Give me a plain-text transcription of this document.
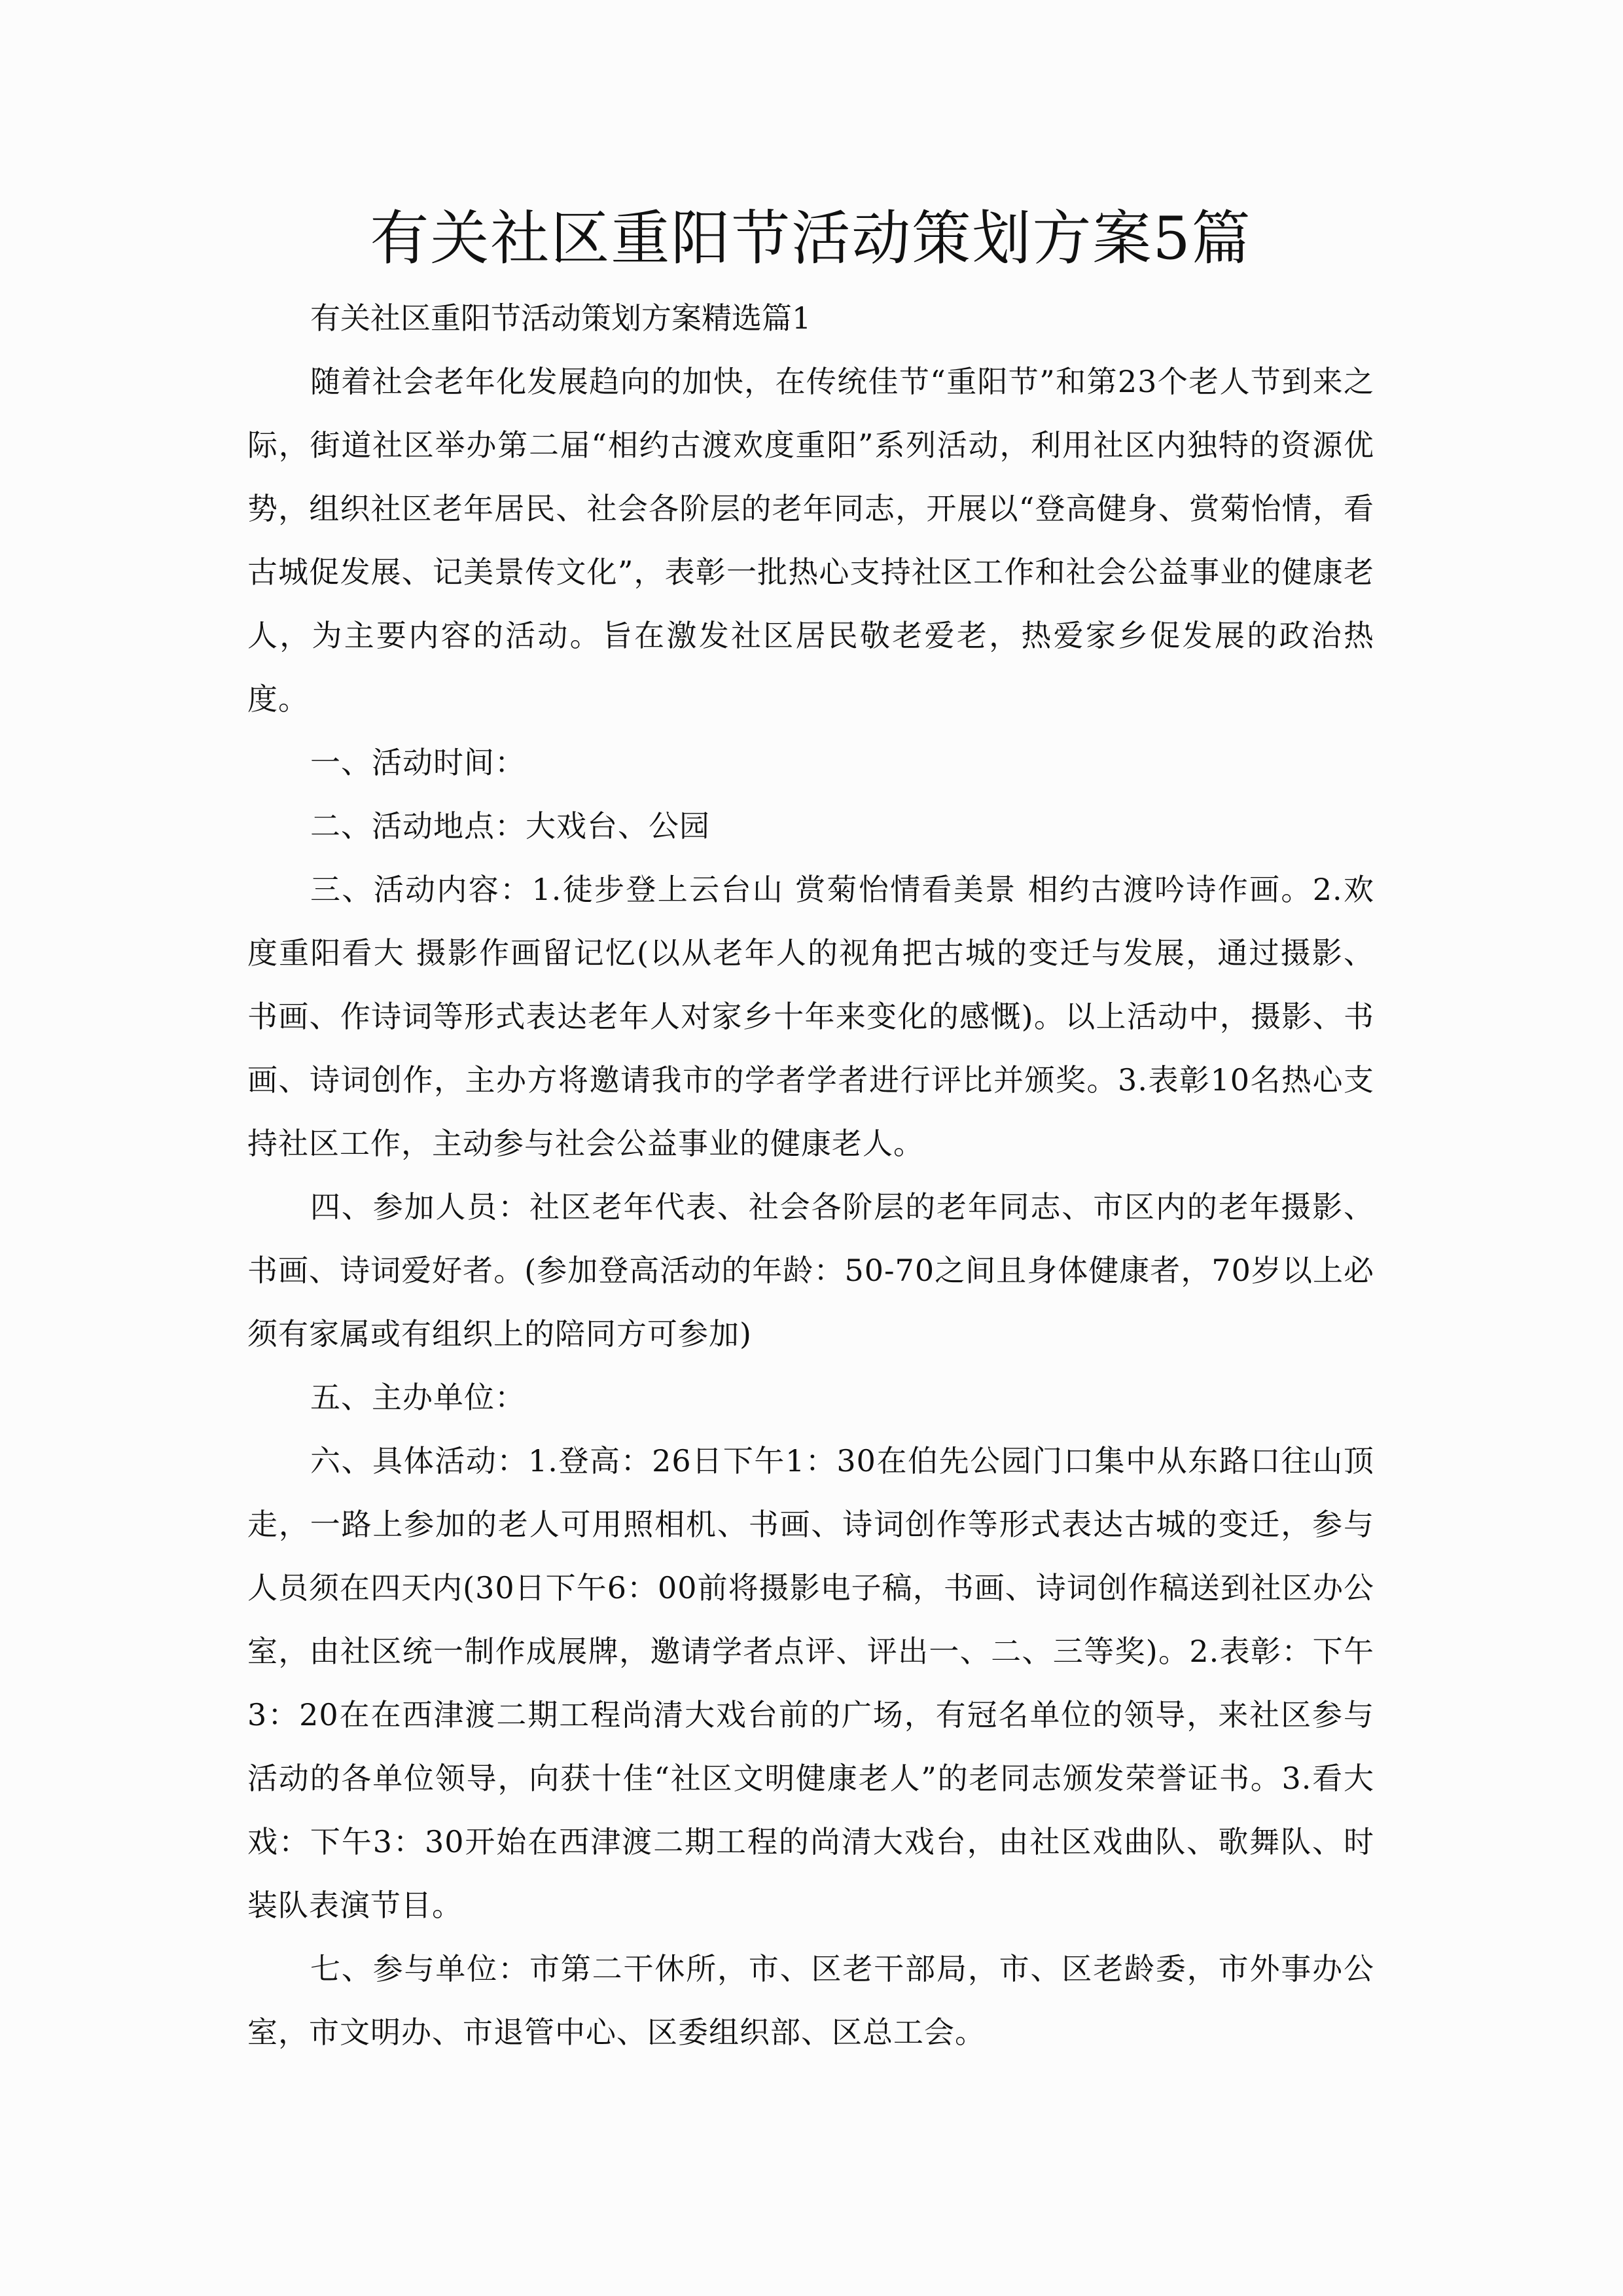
有关社区重阳节活动策划方案5篇

有关社区重阳节活动策划方案精选篇1

随着社会老年化发展趋向的加快，在传统佳节“重阳节”和第23个老人节到来之际，街道社区举办第二届“相约古渡欢度重阳”系列活动，利用社区内独特的资源优势，组织社区老年居民、社会各阶层的老年同志，开展以“登高健身、赏菊怡情，看古城促发展、记美景传文化”，表彰一批热心支持社区工作和社会公益事业的健康老人，为主要内容的活动。旨在激发社区居民敬老爱老，热爱家乡促发展的政治热度。

一、活动时间：

二、活动地点：大戏台、公园

三、活动内容：1.徒步登上云台山 赏菊怡情看美景 相约古渡吟诗作画。2.欢度重阳看大 摄影作画留记忆(以从老年人的视角把古城的变迁与发展，通过摄影、书画、作诗词等形式表达老年人对家乡十年来变化的感慨)。以上活动中，摄影、书画、诗词创作，主办方将邀请我市的学者学者进行评比并颁奖。3.表彰10名热心支持社区工作，主动参与社会公益事业的健康老人。

四、参加人员：社区老年代表、社会各阶层的老年同志、市区内的老年摄影、书画、诗词爱好者。(参加登高活动的年龄：50-70之间且身体健康者，70岁以上必须有家属或有组织上的陪同方可参加)

五、主办单位：

六、具体活动：1.登高：26日下午1：30在伯先公园门口集中从东路口往山顶走，一路上参加的老人可用照相机、书画、诗词创作等形式表达古城的变迁，参与人员须在四天内(30日下午6：00前将摄影电子稿，书画、诗词创作稿送到社区办公室，由社区统一制作成展牌，邀请学者点评、评出一、二、三等奖)。2.表彰：下午3：20在在西津渡二期工程尚清大戏台前的广场，有冠名单位的领导，来社区参与活动的各单位领导，向获十佳“社区文明健康老人”的老同志颁发荣誉证书。3.看大戏：下午3：30开始在西津渡二期工程的尚清大戏台，由社区戏曲队、歌舞队、时装队表演节目。

七、参与单位：市第二干休所，市、区老干部局，市、区老龄委，市外事办公室，市文明办、市退管中心、区委组织部、区总工会。
